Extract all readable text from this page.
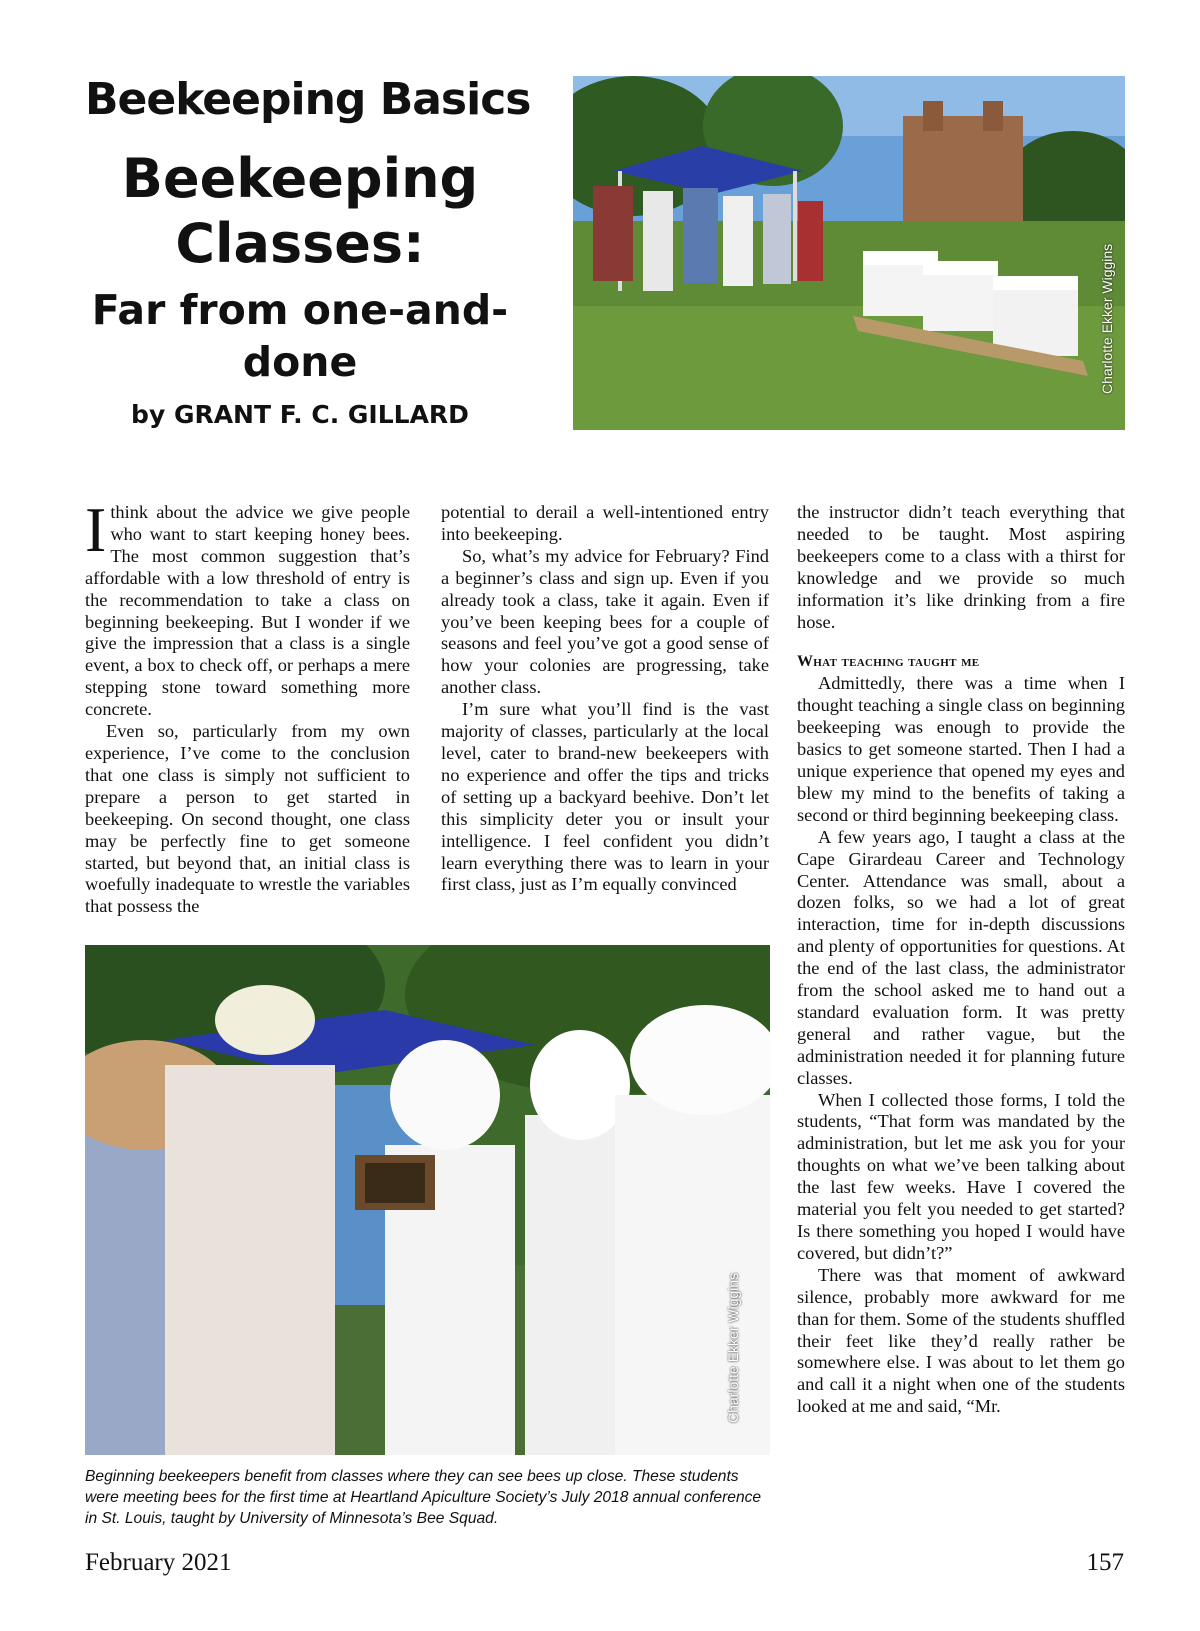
Beekeeping Basics
Beekeeping Classes:
Far from one-and-done
by GRANT F. C. GILLARD
Charlotte Ekker Wiggins

Ithink about the advice we give people who want to start keeping honey bees. The most common suggestion that’s affordable with a low threshold of entry is the recommendation to take a class on beginning beekeeping. But I wonder if we give the impression that a class is a single event, a box to check off, or perhaps a mere stepping stone toward something more concrete.

Even so, particularly from my own experience, I’ve come to the conclusion that one class is simply not sufficient to prepare a person to get started in beekeeping. On second thought, one class may be perfectly fine to get someone started, but beyond that, an initial class is woefully inadequate to wrestle the variables that possess the

potential to derail a well-intentioned entry into beekeeping.

So, what’s my advice for February? Find a beginner’s class and sign up. Even if you already took a class, take it again. Even if you’ve been keeping bees for a couple of seasons and feel you’ve got a good sense of how your colonies are progressing, take another class.

I’m sure what you’ll find is the vast majority of classes, particularly at the local level, cater to brand-new beekeepers with no experience and offer the tips and tricks of setting up a backyard beehive. Don’t let this simplicity deter you or insult your intelligence. I feel confident you didn’t learn everything there was to learn in your first class, just as I’m equally convinced

the instructor didn’t teach everything that needed to be taught. Most aspiring beekeepers come to a class with a thirst for knowledge and we provide so much information it’s like drinking from a fire hose.

What teaching taught me

Admittedly, there was a time when I thought teaching a single class on beginning beekeeping was enough to provide the basics to get someone started. Then I had a unique experience that opened my eyes and blew my mind to the benefits of taking a second or third beginning beekeeping class.

A few years ago, I taught a class at the Cape Girardeau Career and Technology Center. Attendance was small, about a dozen folks, so we had a lot of great interaction, time for in-depth discussions and plenty of opportunities for questions. At the end of the last class, the administrator from the school asked me to hand out a standard evaluation form. It was pretty general and rather vague, but the administration needed it for planning future classes.

When I collected those forms, I told the students, “That form was mandated by the administration, but let me ask you for your thoughts on what we’ve been talking about the last few weeks. Have I covered the material you felt you needed to get started? Is there something you hoped I would have covered, but didn’t?”

There was that moment of awkward silence, probably more awkward for me than for them. Some of the students shuffled their feet like they’d really rather be somewhere else. I was about to let them go and call it a night when one of the students looked at me and said, “Mr.

Charlotte Ekker Wiggins
Beginning beekeepers benefit from classes where they can see bees up close. These students were meeting bees for the first time at Heartland Apiculture Society’s July 2018 annual conference in St. Louis, taught by University of Minnesota’s Bee Squad.
February 2021	157
